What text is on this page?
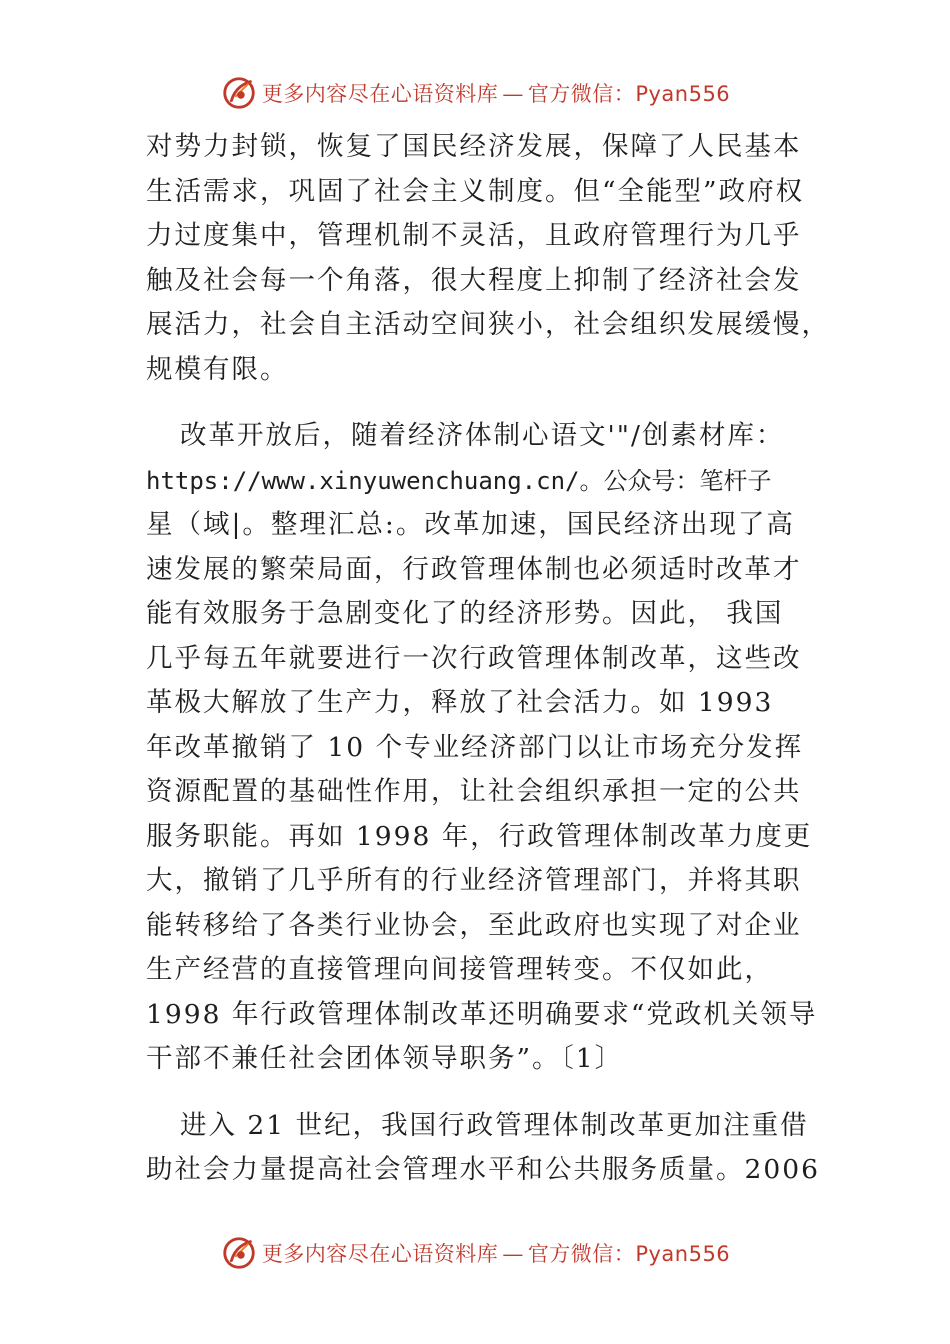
更多内容尽在心语资料库 — 官方微信：Pyan556
对势力封锁，恢复了国民经济发展，保障了人民基本
生活需求，巩固了社会主义制度。但“全能型”政府权
力过度集中，管理机制不灵活，且政府管理行为几乎
触及社会每一个角落，很大程度上抑制了经济社会发
展活力，社会自主活动空间狭小，社会组织发展缓慢，
规模有限。
改革开放后，随着经济体制心语文'"/创素材库：
https://www.xinyuwenchuang.cn/。公众号：笔杆子
星（域|。整理汇总:。改革加速，国民经济出现了高
速发展的繁荣局面，行政管理体制也必须适时改革才
能有效服务于急剧变化了的经济形势。因此， 我国
几乎每五年就要进行一次行政管理体制改革，这些改
革极大解放了生产力，释放了社会活力。如 1993
年改革撤销了 10 个专业经济部门以让市场充分发挥
资源配置的基础性作用，让社会组织承担一定的公共
服务职能。再如 1998 年，行政管理体制改革力度更
大，撤销了几乎所有的行业经济管理部门，并将其职
能转移给了各类行业协会，至此政府也实现了对企业
生产经营的直接管理向间接管理转变。不仅如此，
1998 年行政管理体制改革还明确要求“党政机关领导
干部不兼任社会团体领导职务”。〔1〕
进入 21 世纪，我国行政管理体制改革更加注重借
助社会力量提高社会管理水平和公共服务质量。2006
更多内容尽在心语资料库 — 官方微信：Pyan556
